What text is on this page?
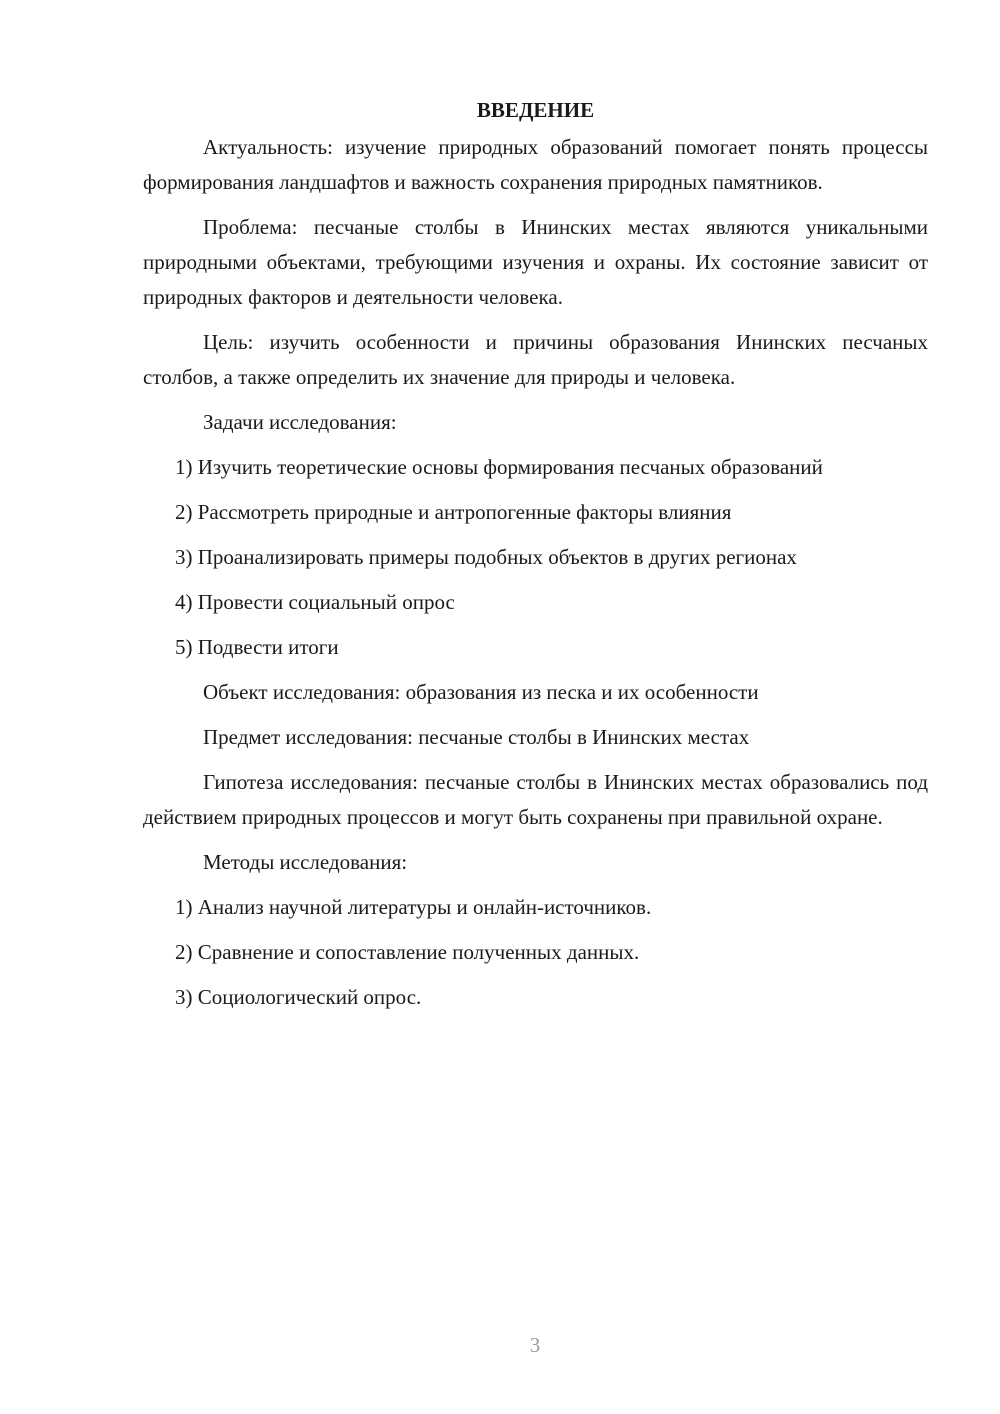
ВВЕДЕНИЕ
Актуальность: изучение природных образований помогает понять процессы формирования ландшафтов и важность сохранения природных памятников.
Проблема: песчаные столбы в Ининских местах являются уникальными природными объектами, требующими изучения и охраны. Их состояние зависит от природных факторов и деятельности человека.
Цель: изучить особенности и причины образования Ининских песчаных столбов, а также определить их значение для природы и человека.
Задачи исследования:
1) Изучить теоретические основы формирования песчаных образований
2) Рассмотреть природные и антропогенные факторы влияния
3) Проанализировать примеры подобных объектов в других регионах
4) Провести социальный опрос
5) Подвести итоги
Объект исследования: образования из песка и их особенности
Предмет исследования: песчаные столбы в Ининских местах
Гипотеза исследования: песчаные столбы в Ининских местах образовались под действием природных процессов и могут быть сохранены при правильной охране.
Методы исследования:
1) Анализ научной литературы и онлайн-источников.
2) Сравнение и сопоставление полученных данных.
3) Социологический опрос.
3
